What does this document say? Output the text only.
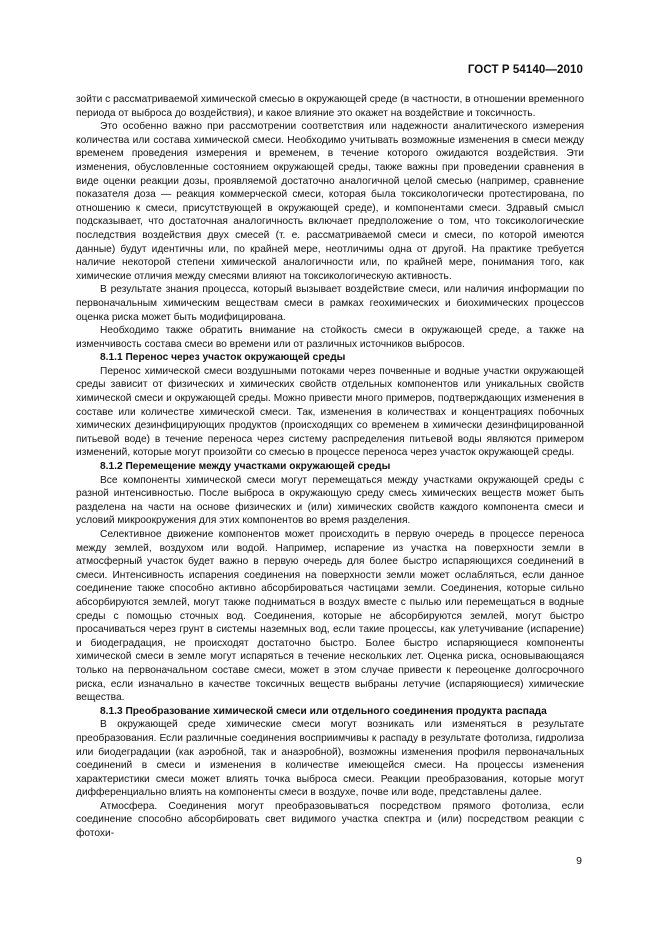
ГОСТ Р 54140—2010

зойти с рассматриваемой химической смесью в окружающей среде (в частности, в отношении временного периода от выброса до воздействия), и какое влияние это окажет на воздействие и токсичность.

Это особенно важно при рассмотрении соответствия или надежности аналитического измерения количества или состава химической смеси. Необходимо учитывать возможные изменения в смеси между временем проведения измерения и временем, в течение которого ожидаются воздействия. Эти изменения, обусловленные состоянием окружающей среды, также важны при проведении сравнения в виде оценки реакции дозы, проявляемой достаточно аналогичной целой смесью (например, сравнение показателя доза — реакция коммерческой смеси, которая была токсикологически протестирована, по отношению к смеси, присутствующей в окружающей среде), и компонентами смеси. Здравый смысл подсказывает, что достаточная аналогичность включает предположение о том, что токсикологические последствия воздействия двух смесей (т. е. рассматриваемой смеси и смеси, по которой имеются данные) будут идентичны или, по крайней мере, неотличимы одна от другой. На практике требуется наличие некоторой степени химической аналогичности или, по крайней мере, понимания того, как химические отличия между смесями влияют на токсикологическую активность.

В результате знания процесса, который вызывает воздействие смеси, или наличия информации по первоначальным химическим веществам смеси в рамках геохимических и биохимических процессов оценка риска может быть модифицирована.

Необходимо также обратить внимание на стойкость смеси в окружающей среде, а также на изменчивость состава смеси во времени или от различных источников выбросов.

8.1.1 Перенос через участок окружающей среды

Перенос химической смеси воздушными потоками через почвенные и водные участки окружающей среды зависит от физических и химических свойств отдельных компонентов или уникальных свойств химической смеси и окружающей среды. Можно привести много примеров, подтверждающих изменения в составе или количестве химической смеси. Так, изменения в количествах и концентрациях побочных химических дезинфицирующих продуктов (происходящих со временем в химически дезинфицированной питьевой воде) в течение переноса через систему распределения питьевой воды являются примером изменений, которые могут произойти со смесью в процессе переноса через участок окружающей среды.

8.1.2 Перемещение между участками окружающей среды

Все компоненты химической смеси могут перемещаться между участками окружающей среды с разной интенсивностью. После выброса в окружающую среду смесь химических веществ может быть разделена на части на основе физических и (или) химических свойств каждого компонента смеси и условий микроокружения для этих компонентов во время разделения.

Селективное движение компонентов может происходить в первую очередь в процессе переноса между землей, воздухом или водой. Например, испарение из участка на поверхности земли в атмосферный участок будет важно в первую очередь для более быстро испаряющихся соединений в смеси. Интенсивность испарения соединения на поверхности земли может ослабляться, если данное соединение также способно активно абсорбироваться частицами земли. Соединения, которые сильно абсорбируются землей, могут также подниматься в воздух вместе с пылью или перемещаться в водные среды с помощью сточных вод. Соединения, которые не абсорбируются землей, могут быстро просачиваться через грунт в системы наземных вод, если такие процессы, как улетучивание (испарение) и биодеградация, не происходят достаточно быстро. Более быстро испаряющиеся компоненты химической смеси в земле могут испаряться в течение нескольких лет. Оценка риска, основывающаяся только на первоначальном составе смеси, может в этом случае привести к переоценке долгосрочного риска, если изначально в качестве токсичных веществ выбраны летучие (испаряющиеся) химические вещества.

8.1.3 Преобразование химической смеси или отдельного соединения продукта распада

В окружающей среде химические смеси могут возникать или изменяться в результате преобразования. Если различные соединения восприимчивы к распаду в результате фотолиза, гидролиза или биодеградации (как аэробной, так и анаэробной), возможны изменения профиля первоначальных соединений в смеси и изменения в количестве имеющейся смеси. На процессы изменения характеристики смеси может влиять точка выброса смеси. Реакции преобразования, которые могут дифференциально влиять на компоненты смеси в воздухе, почве или воде, представлены далее.

Атмосфера. Соединения могут преобразовываться посредством прямого фотолиза, если соединение способно абсорбировать свет видимого участка спектра и (или) посредством реакции с фотохи-

9
